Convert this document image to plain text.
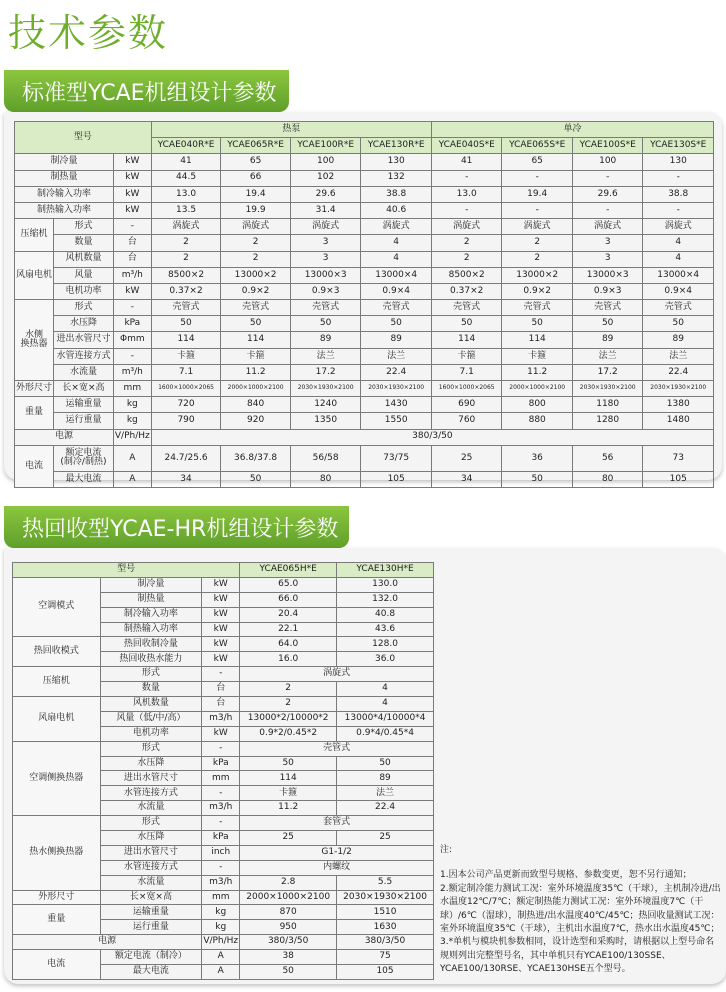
技术参数
标准型YCAE机组设计参数
型号			热泵				单冷			
			YCAE040R*E	YCAE065R*E	YCAE100R*E	YCAE130R*E	YCAE040S*E	YCAE065S*E	YCAE100S*E	YCAE130S*E
制冷量		kW	41	65	100	130	41	65	100	130
制热量		kW	44.5	66	102	132	-	-	-	-
制冷输入功率		kW	13.0	19.4	29.6	38.8	13.0	19.4	29.6	38.8
制热输入功率		kW	13.5	19.9	31.4	40.6	-	-	-	-
压缩机	形式	-	涡旋式	涡旋式	涡旋式	涡旋式	涡旋式	涡旋式	涡旋式	涡旋式
	数量	台	2	2	3	4	2	2	3	4
风扇电机	风机数量	台	2	2	3	4	2	2	3	4
	风量	m³/h	8500×2	13000×2	13000×3	13000×4	8500×2	13000×2	13000×3	13000×4
	电机功率	kW	0.37×2	0.9×2	0.9×3	0.9×4	0.37×2	0.9×2	0.9×3	0.9×4
水侧
换热器	形式	-	壳管式	壳管式	壳管式	壳管式	壳管式	壳管式	壳管式	壳管式
	水压降	kPa	50	50	50	50	50	50	50	50
	进出水管尺寸	Φmm	114	114	89	89	114	114	89	89
	水管连接方式	-	卡箍	卡箍	法兰	法兰	卡箍	卡箍	法兰	法兰
	水流量	m³/h	7.1	11.2	17.2	22.4	7.1	11.2	17.2	22.4
外形尺寸	长×宽×高	mm	1600×1000×2065	2000×1000×2100	2030×1930×2100	2030×1930×2100	1600×1000×2065	2000×1000×2100	2030×1930×2100	2030×1930×2100
重量	运输重量	kg	720	840	1240	1430	690	800	1180	1380
	运行重量	kg	790	920	1350	1550	760	880	1280	1480
电源		V/Ph/Hz	380/3/50							
电流	额定电流
(制冷/制热)	A	24.7/25.6	36.8/37.8	56/58	73/75	25	36	56	73
	最大电流	A	34	50	80	105	34	50	80	105
热回收型YCAE-HR机组设计参数
型号			YCAE065H*E	YCAE130H*E
空调模式	制冷量	kW	65.0	130.0
	制热量	kW	66.0	132.0
	制冷输入功率	kW	20.4	40.8
	制热输入功率	kW	22.1	43.6
热回收模式	热回收制冷量	kW	64.0	128.0
	热回收热水能力	kW	16.0	36.0
压缩机	形式	-	涡旋式	
	数量	台	2	4
风扇电机	风机数量	台	2	4
	风量（低/中/高）	m3/h	13000*2/10000*2	13000*4/10000*4
	电机功率	kW	0.9*2/0.45*2	0.9*4/0.45*4
空调侧换热器	形式	-	壳管式	
	水压降	kPa	50	50
	进出水管尺寸	mm	114	89
	水管连接方式	-	卡箍	法兰
	水流量	m3/h	11.2	22.4
热水侧换热器	形式	-	套管式	
	水压降	kPa	25	25
	进出水管尺寸	inch	G1-1/2	
	水管连接方式	-	内螺纹	
	水流量	m3/h	2.8	5.5
外形尺寸	长×宽×高	mm	2000×1000×2100	2030×1930×2100
重量	运输重量	kg	870	1510
	运行重量	kg	950	1630
电源		V/Ph/Hz	380/3/50	380/3/50
电流	额定电流（制冷）	A	38	75
	最大电流	A	50	105
注:
1.因本公司产品更新而致型号规格、参数变更，恕不另行通知；
2.额定制冷能力测试工况：室外环境温度35℃（干球），主机制冷进/出水温度12℃/7℃；额定制热能力测试工况：室外环境温度7℃（干球）/6℃（湿球），制热进/出水温度40℃/45℃；热回收量测试工况：室外环境温度35℃（干球），主机出水温度7℃，热水出水温度45℃；
3.*单机与模块机参数相同，设计选型和采购时，请根据以上型号命名规则列出完整型号名，其中单机只有YCAE100/130SSE、YCAE100/130RSE、YCAE130HSE五个型号。
